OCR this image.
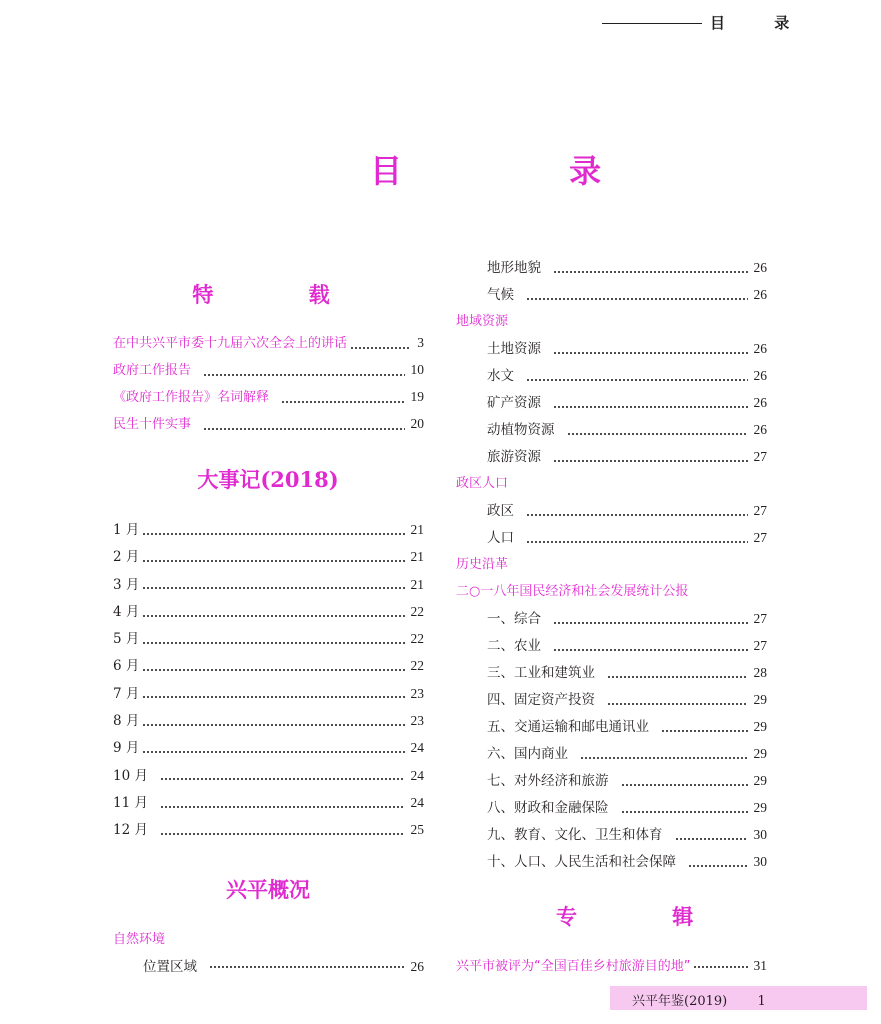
目 录
目 录
特 载
在中共兴平市委十九届六次全会上的讲话	3
政府工作报告	10
《政府工作报告》名词解释	19
民生十件实事	20
大事记(2018)
1 月	21
2 月	21
3 月	21
4 月	22
5 月	22
6 月	22
7 月	23
8 月	23
9 月	24
10 月	24
11 月	24
12 月	25
兴平概况
自然环境
位置区域	26
地形地貌	26
气候	26
地域资源
土地资源	26
水文	26
矿产资源	26
动植物资源	26
旅游资源	27
政区人口
政区	27
人口	27
历史沿革
二○一八年国民经济和社会发展统计公报
一、综合	27
二、农业	27
三、工业和建筑业	28
四、固定资产投资	29
五、交通运输和邮电通讯业	29
六、国内商业	29
七、对外经济和旅游	29
八、财政和金融保险	29
九、教育、文化、卫生和体育	30
十、人口、人民生活和社会保障	30
专 辑
兴平市被评为“全国百佳乡村旅游目的地”	31
兴平年鉴(2019) 1
